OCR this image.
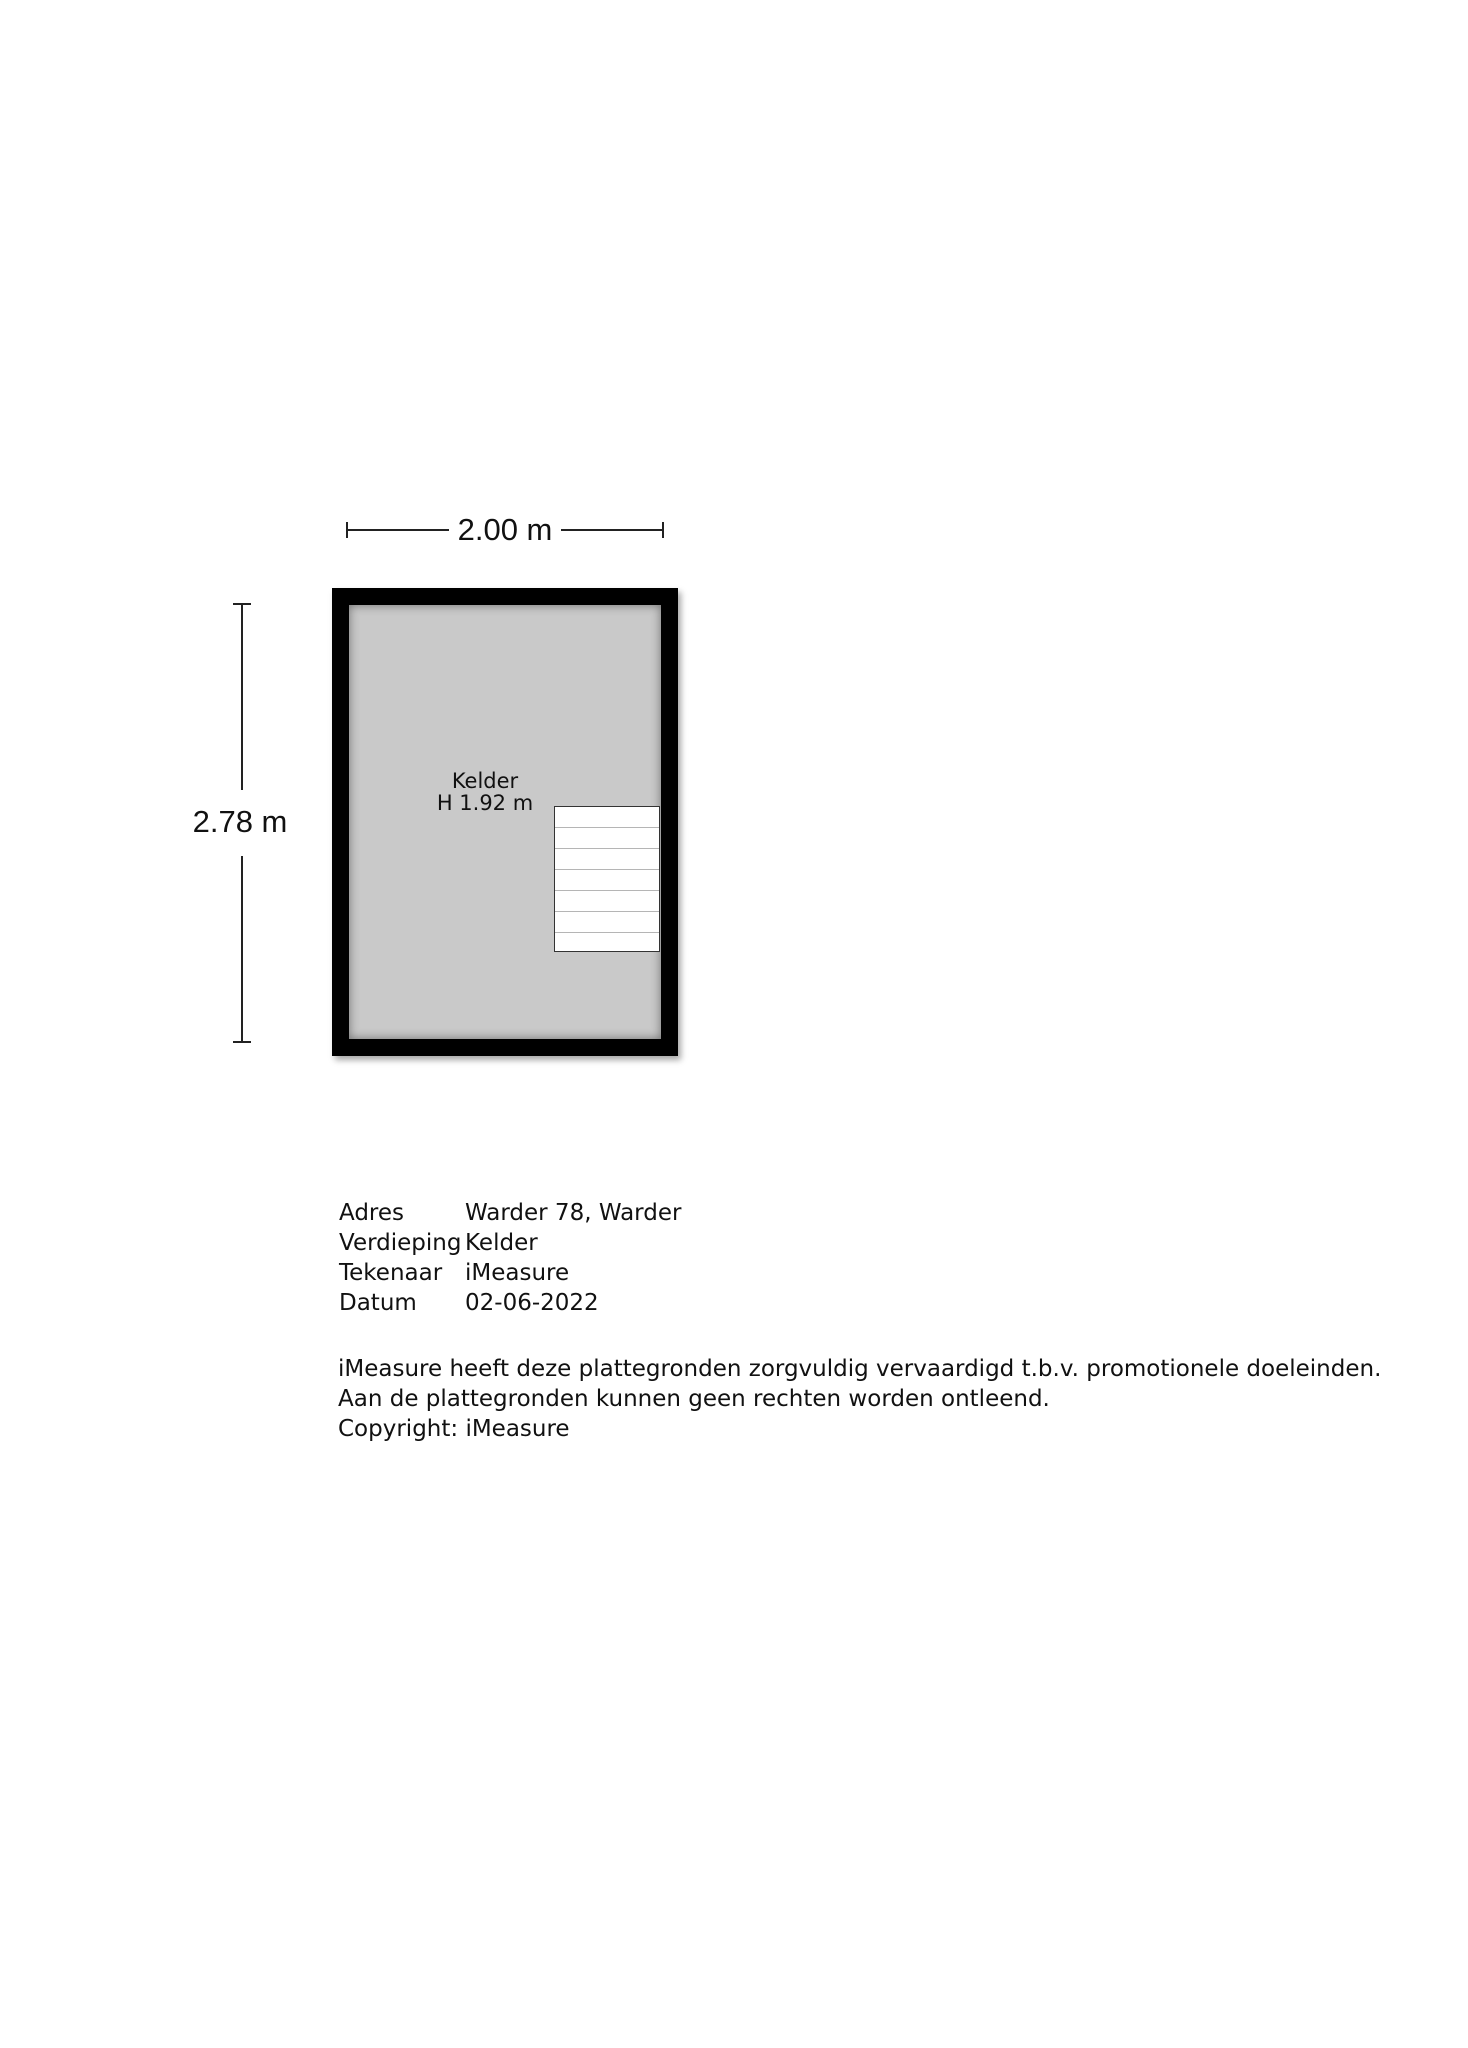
2.00 m
2.78 m
Kelder
H 1.92 m
Adres	Warder 78, Warder
Verdieping Kelder
Tekenaar iMeasure
Datum	02-06-2022
iMeasure heeft deze plattegronden zorgvuldig vervaardigd t.b.v. promotionele doeleinden.
Aan de plattegronden kunnen geen rechten worden ontleend.
Copyright: iMeasure
